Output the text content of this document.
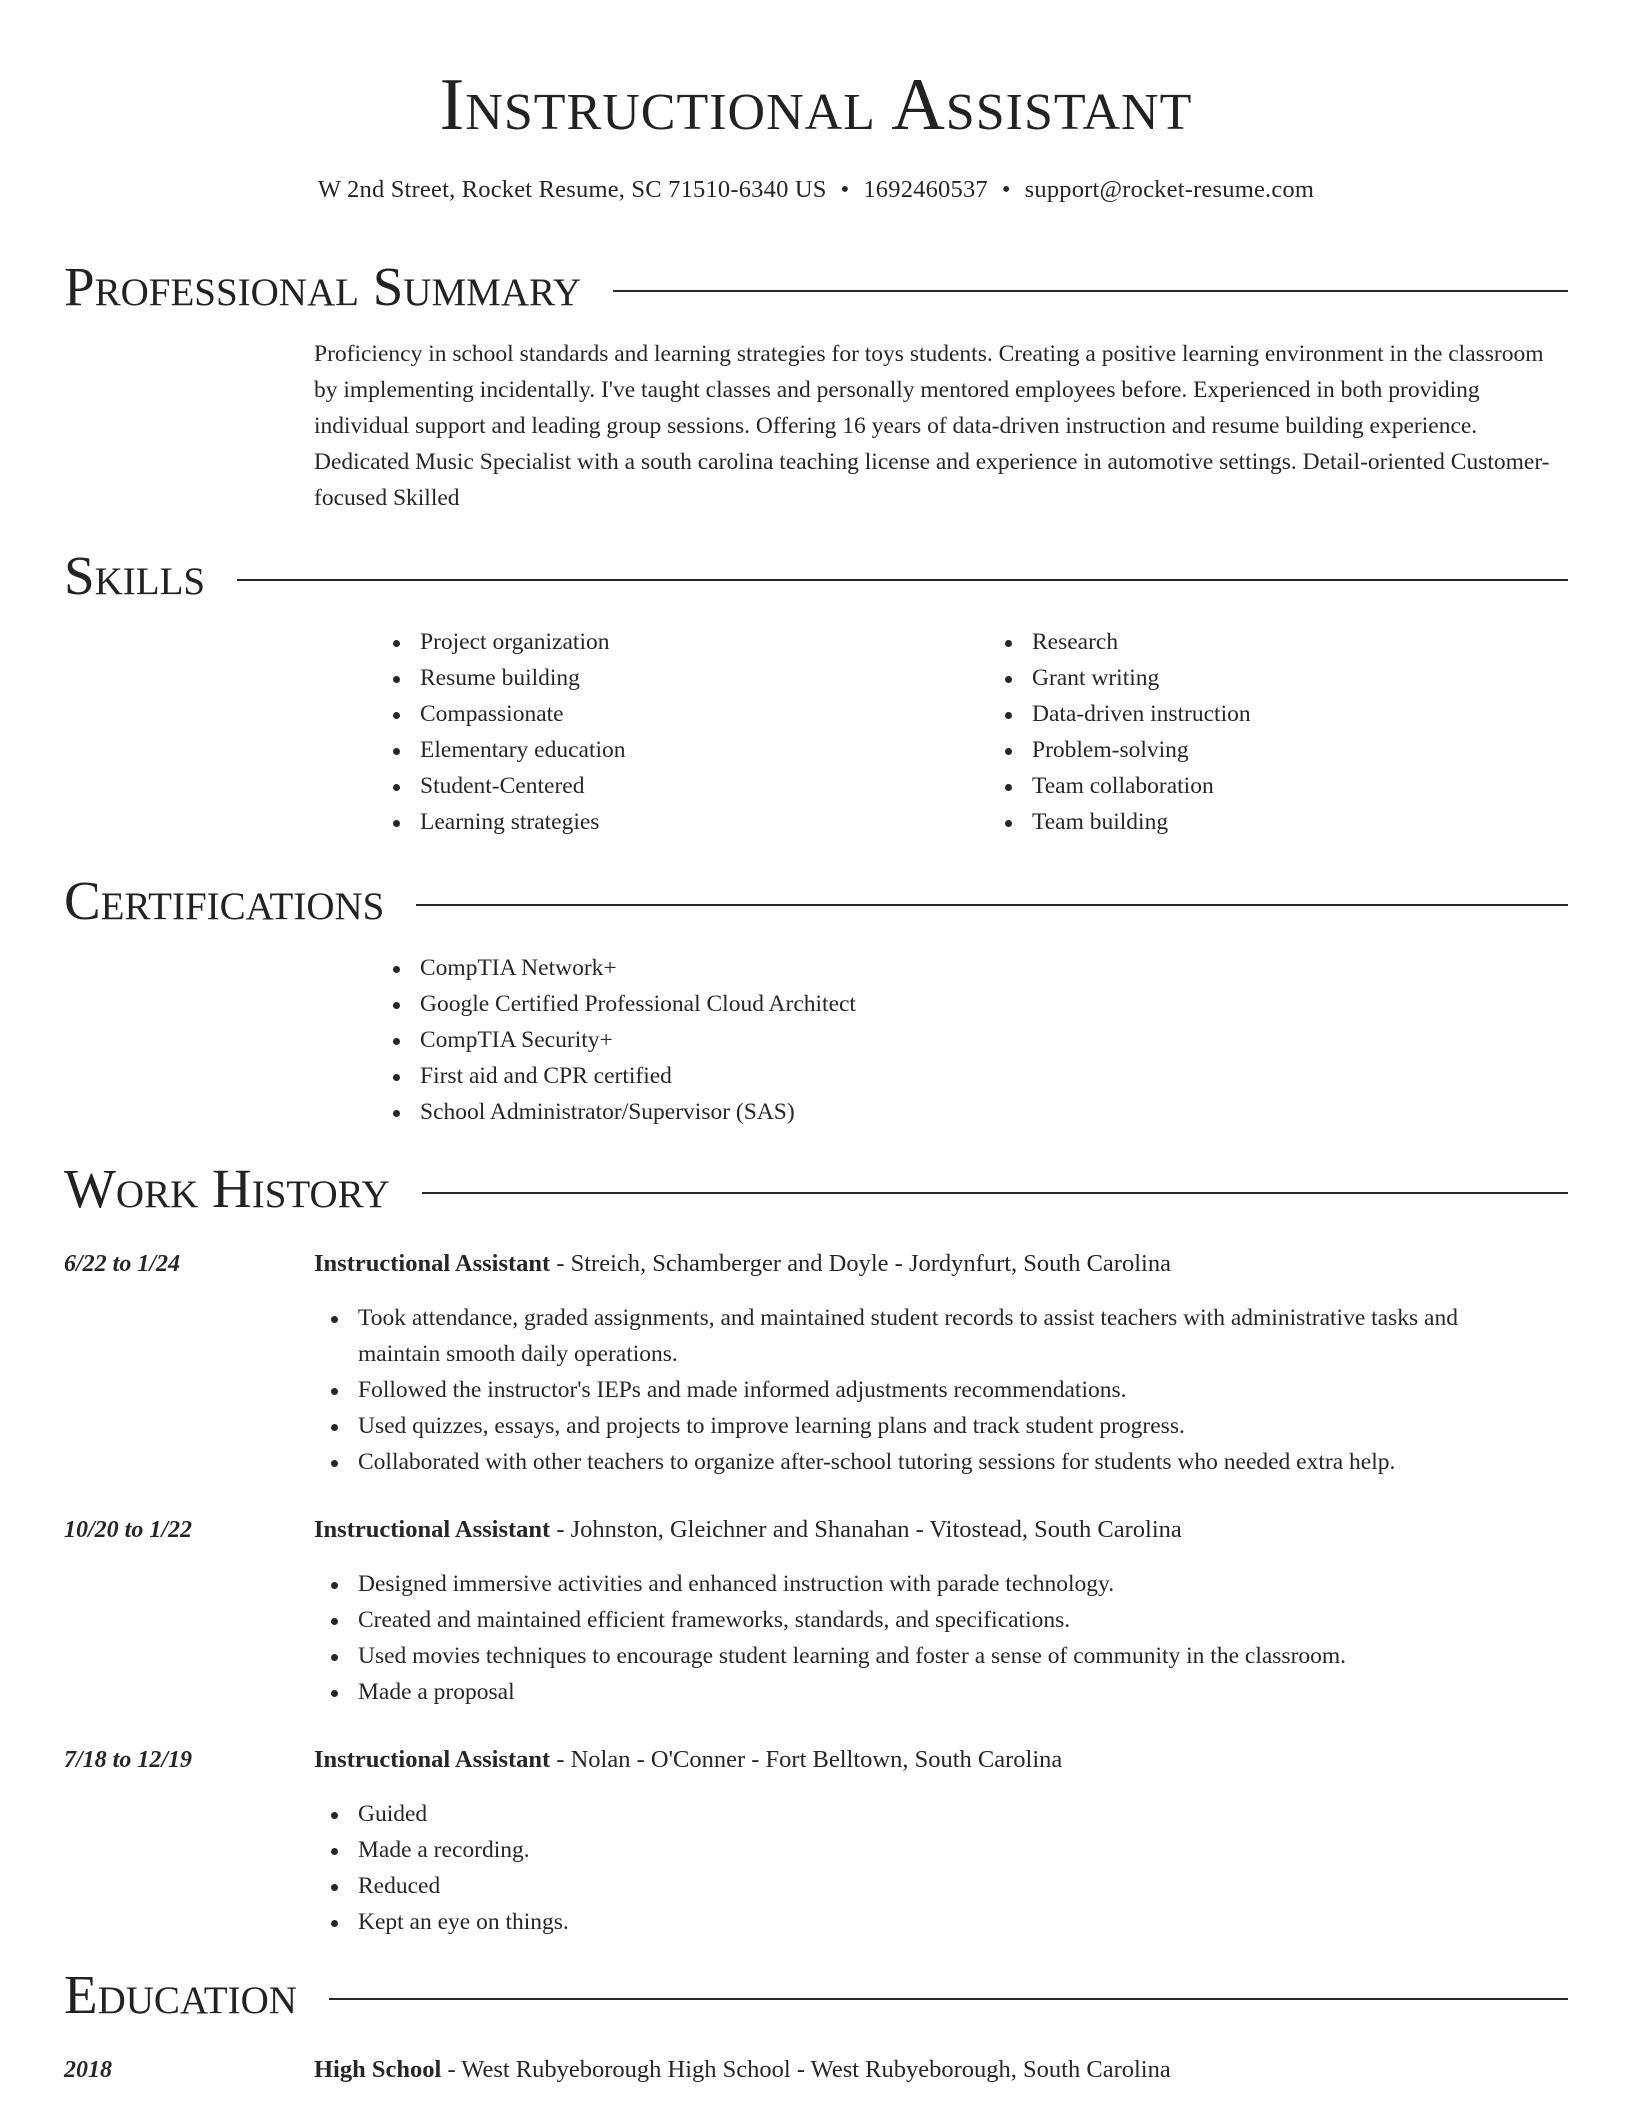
Instructional Assistant
W 2nd Street, Rocket Resume, SC 71510-6340 US • 1692460537 • support@rocket-resume.com
Professional Summary

Proficiency in school standards and learning strategies for toys students. Creating a positive learning environment in the classroom by implementing incidentally. I've taught classes and personally mentored employees before. Experienced in both providing individual support and leading group sessions. Offering 16 years of data-driven instruction and resume building experience. Dedicated Music Specialist with a south carolina teaching license and experience in automotive settings. Detail-oriented Customer-focused Skilled

Skills
Project organization
Resume building
Compassionate
Elementary education
Student-Centered
Learning strategies
Research
Grant writing
Data-driven instruction
Problem-solving
Team collaboration
Team building
Certifications
CompTIA Network+
Google Certified Professional Cloud Architect
CompTIA Security+
First aid and CPR certified
School Administrator/Supervisor (SAS)
Work History
6/22 to 1/24	Instructional Assistant - Streich, Schamberger and Doyle - Jordynfurt, South Carolina
Took attendance, graded assignments, and maintained student records to assist teachers with administrative tasks and maintain smooth daily operations.
Followed the instructor's IEPs and made informed adjustments recommendations.
Used quizzes, essays, and projects to improve learning plans and track student progress.
Collaborated with other teachers to organize after-school tutoring sessions for students who needed extra help.
10/20 to 1/22	Instructional Assistant - Johnston, Gleichner and Shanahan - Vitostead, South Carolina
Designed immersive activities and enhanced instruction with parade technology.
Created and maintained efficient frameworks, standards, and specifications.
Used movies techniques to encourage student learning and foster a sense of community in the classroom.
Made a proposal
7/18 to 12/19	Instructional Assistant - Nolan - O'Conner - Fort Belltown, South Carolina
Guided
Made a recording.
Reduced
Kept an eye on things.
Education
2018	High School - West Rubyeborough High School - West Rubyeborough, South Carolina
